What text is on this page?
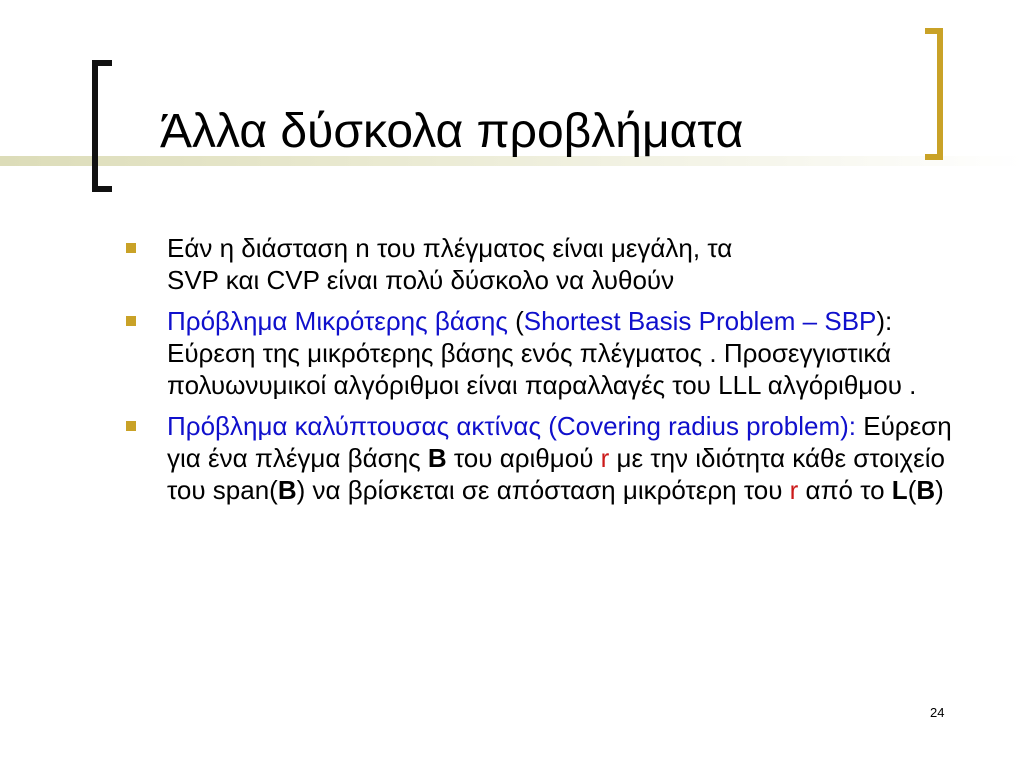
Άλλα δύσκολα προβλήματα
Εάν η διάσταση n του πλέγματος είναι μεγάλη, τα
SVP και CVP είναι πολύ δύσκολο να λυθούν
Πρόβλημα Μικρότερης βάσης (Shortest Basis Problem – SBP): Εύρεση της μικρότερης βάσης ενός πλέγματος . Προσεγγιστικά πολυωνυμικοί αλγόριθμοι είναι παραλλαγές του LLL αλγόριθμου .
Πρόβλημα καλύπτουσας ακτίνας (Covering radius problem): Εύρεση για ένα πλέγμα βάσης B του αριθμού r με την ιδιότητα κάθε στοιχείο του span(B) να βρίσκεται σε απόσταση μικρότερη του r από το L(B)
24
